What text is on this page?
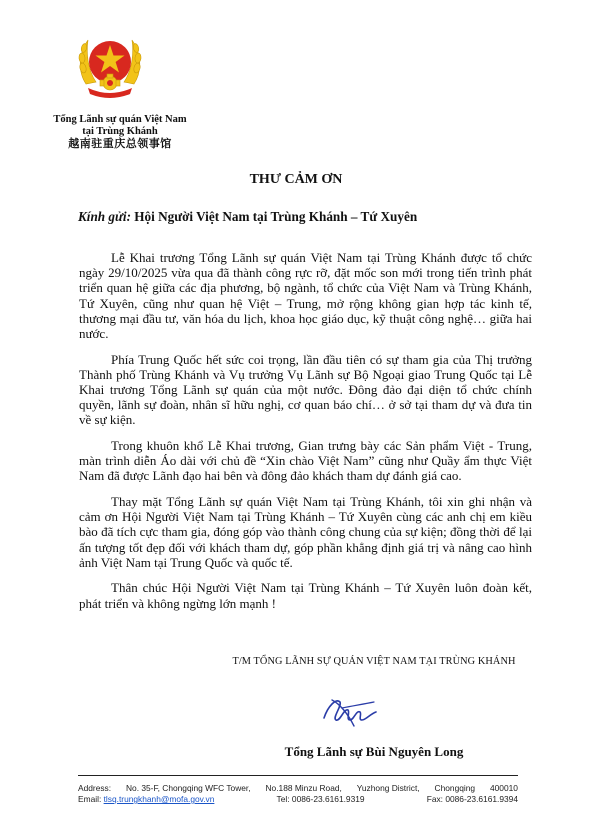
Tổng Lãnh sự quán Việt Nam
tại Trùng Khánh
越南驻重庆总领事馆
THƯ CẢM ƠN
Kính gửi: Hội Người Việt Nam tại Trùng Khánh – Tứ Xuyên

Lễ Khai trương Tổng Lãnh sự quán Việt Nam tại Trùng Khánh được tổ chức ngày 29/10/2025 vừa qua đã thành công rực rỡ, đặt mốc son mới trong tiến trình phát triển quan hệ giữa các địa phương, bộ ngành, tổ chức của Việt Nam và Trùng Khánh, Tứ Xuyên, cũng như quan hệ Việt – Trung, mở rộng không gian hợp tác kinh tế, thương mại đầu tư, văn hóa du lịch, khoa học giáo dục, kỹ thuật công nghệ… giữa hai nước.

Phía Trung Quốc hết sức coi trọng, lần đầu tiên có sự tham gia của Thị trưởng Thành phố Trùng Khánh và Vụ trưởng Vụ Lãnh sự Bộ Ngoại giao Trung Quốc tại Lễ Khai trương Tổng Lãnh sự quán của một nước. Đông đảo đại diện tổ chức chính quyền, lãnh sự đoàn, nhân sĩ hữu nghị, cơ quan báo chí… ở sở tại tham dự và đưa tin về sự kiện.

Trong khuôn khổ Lễ Khai trương, Gian trưng bày các Sản phẩm Việt - Trung, màn trình diễn Áo dài với chủ đề “Xin chào Việt Nam” cũng như Quầy ẩm thực Việt Nam đã được Lãnh đạo hai bên và đông đảo khách tham dự đánh giá cao.

Thay mặt Tổng Lãnh sự quán Việt Nam tại Trùng Khánh, tôi xin ghi nhận và cảm ơn Hội Người Việt Nam tại Trùng Khánh – Tứ Xuyên cùng các anh chị em kiều bào đã tích cực tham gia, đóng góp vào thành công chung của sự kiện; đồng thời để lại ấn tượng tốt đẹp đối với khách tham dự, góp phần khẳng định giá trị và nâng cao hình ảnh Việt Nam tại Trung Quốc và quốc tế.

Thân chúc Hội Người Việt Nam tại Trùng Khánh – Tứ Xuyên luôn đoàn kết, phát triển và không ngừng lớn mạnh !

T/M TỔNG LÃNH SỰ QUÁN VIỆT NAM TẠI TRÙNG KHÁNH
Tổng Lãnh sự Bùi Nguyên Long
Address: No. 35-F, Chongqing WFC Tower, No.188 Minzu Road, Yuzhong District, Chongqing 400010
Email: tlsq.trungkhanh@mofa.gov.vn	Tel: 0086-23.6161.9319	Fax: 0086-23.6161.9394
